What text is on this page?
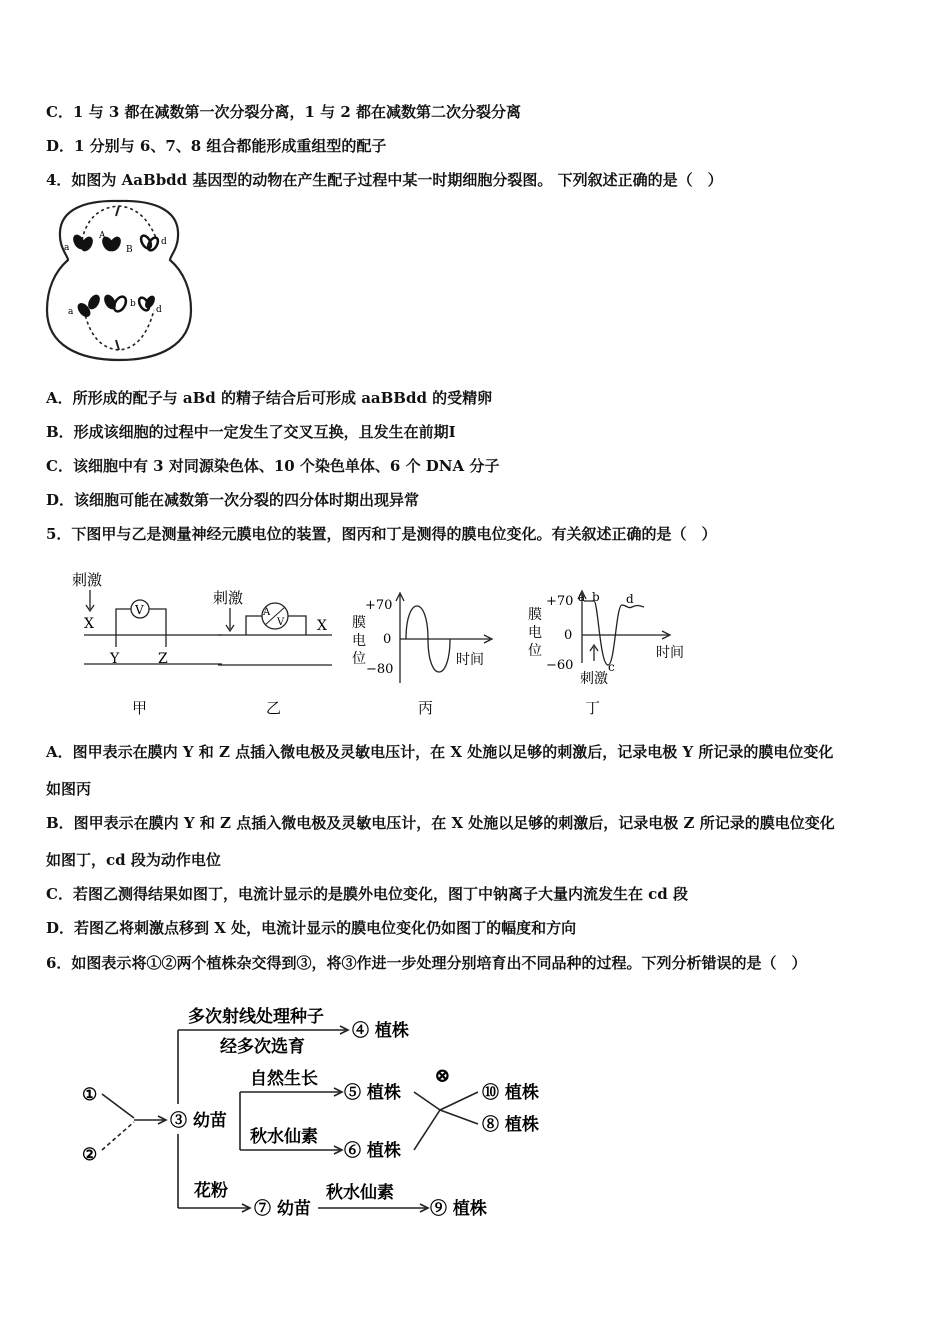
C．1 与 3 都在减数第一次分裂分离，1 与 2 都在减数第二次分裂分离
D．1 分别与 6、7、8 组合都能形成重组型的配子
4．如图为 AaBbdd 基因型的动物在产生配子过程中某一时期细胞分裂图。 下列叙述正确的是（　）
a
A
B
d
a
b
d
A．所形成的配子与 aBd 的精子结合后可形成 aaBBdd 的受精卵
B．形成该细胞的过程中一定发生了交叉互换，且发生在前期Ⅰ
C．该细胞中有 3 对同源染色体、10 个染色单体、6 个 DNA 分子
D．该细胞可能在减数第一次分裂的四分体时期出现异常
5．下图甲与乙是测量神经元膜电位的装置，图丙和丁是测得的膜电位变化。有关叙述正确的是（　）
刺激
X
V
Y	Z
甲
刺激
A
V X
乙
+70
0
−80
膜
电
位	时间
丙
+70
0
−60
膜
电
位
a b
c
d
刺激
时间
丁
A．图甲表示在膜内 Y 和 Z 点插入微电极及灵敏电压计，在 X 处施以足够的刺激后，记录电极 Y 所记录的膜电位变化
如图丙
B．图甲表示在膜内 Y 和 Z 点插入微电极及灵敏电压计，在 X 处施以足够的刺激后，记录电极 Z 所记录的膜电位变化
如图丁，cd 段为动作电位
C．若图乙测得结果如图丁，电流计显示的是膜外电位变化，图丁中钠离子大量内流发生在 cd 段
D．若图乙将刺激点移到 X 处，电流计显示的膜电位变化仍如图丁的幅度和方向
6．如图表示将①②两个植株杂交得到③，将③作进一步处理分别培育出不同品种的过程。下列分析错误的是（　）
①
②
③ 幼苗
多次射线处理种子
经多次选育
④ 植株
自然生长
秋水仙素
⑤ 植株
⑥ 植株
⊗
⑩ 植株
⑧ 植株
花粉
⑦ 幼苗
秋水仙素
⑨ 植株
